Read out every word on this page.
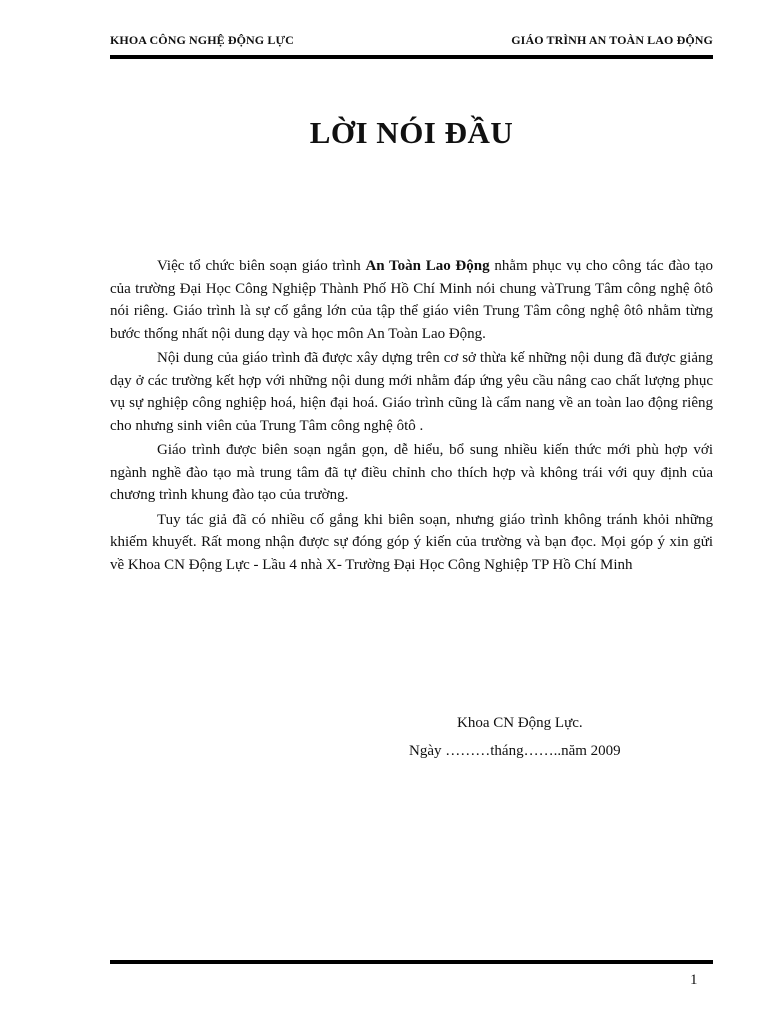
KHOA CÔNG NGHỆ ĐỘNG LỰC	GIÁO TRÌNH AN TOÀN LAO ĐỘNG
LỜI NÓI ĐẦU

Việc tổ chức biên soạn giáo trình An Toàn Lao Động nhằm phục vụ cho công tác đào tạo của trường Đại Học Công Nghiệp Thành Phố Hồ Chí Minh nói chung vàTrung Tâm công nghệ ôtô nói riêng. Giáo trình là sự cố gắng lớn của tập thể giáo viên Trung Tâm công nghệ ôtô nhằm từng bước thống nhất nội dung dạy và học môn An Toàn Lao Động.

Nội dung của giáo trình đã được xây dựng trên cơ sở thừa kế những nội dung đã được giảng dạy ở các trường kết hợp với những nội dung mới nhằm đáp ứng yêu cầu nâng cao chất lượng phục vụ sự nghiệp công nghiệp hoá, hiện đại hoá. Giáo trình cũng là cẩm nang về an toàn lao động riêng cho nhưng sinh viên của Trung Tâm công nghệ ôtô .

Giáo trình được biên soạn ngắn gọn, dễ hiểu, bổ sung nhiều kiến thức mới phù hợp với ngành nghề đào tạo mà trung tâm đã tự điều chỉnh cho thích hợp và không trái với quy định của chương trình khung đào tạo của trường.

Tuy tác giả đã có nhiều cố gắng khi biên soạn, nhưng giáo trình không tránh khỏi những khiếm khuyết. Rất mong nhận được sự đóng góp ý kiến của trường và bạn đọc. Mọi góp ý xin gửi về Khoa CN Động Lực - Lầu 4 nhà X- Trường Đại Học Công Nghiệp TP Hồ Chí Minh

Khoa CN Động Lực.
Ngày ………tháng……..năm 2009
1
